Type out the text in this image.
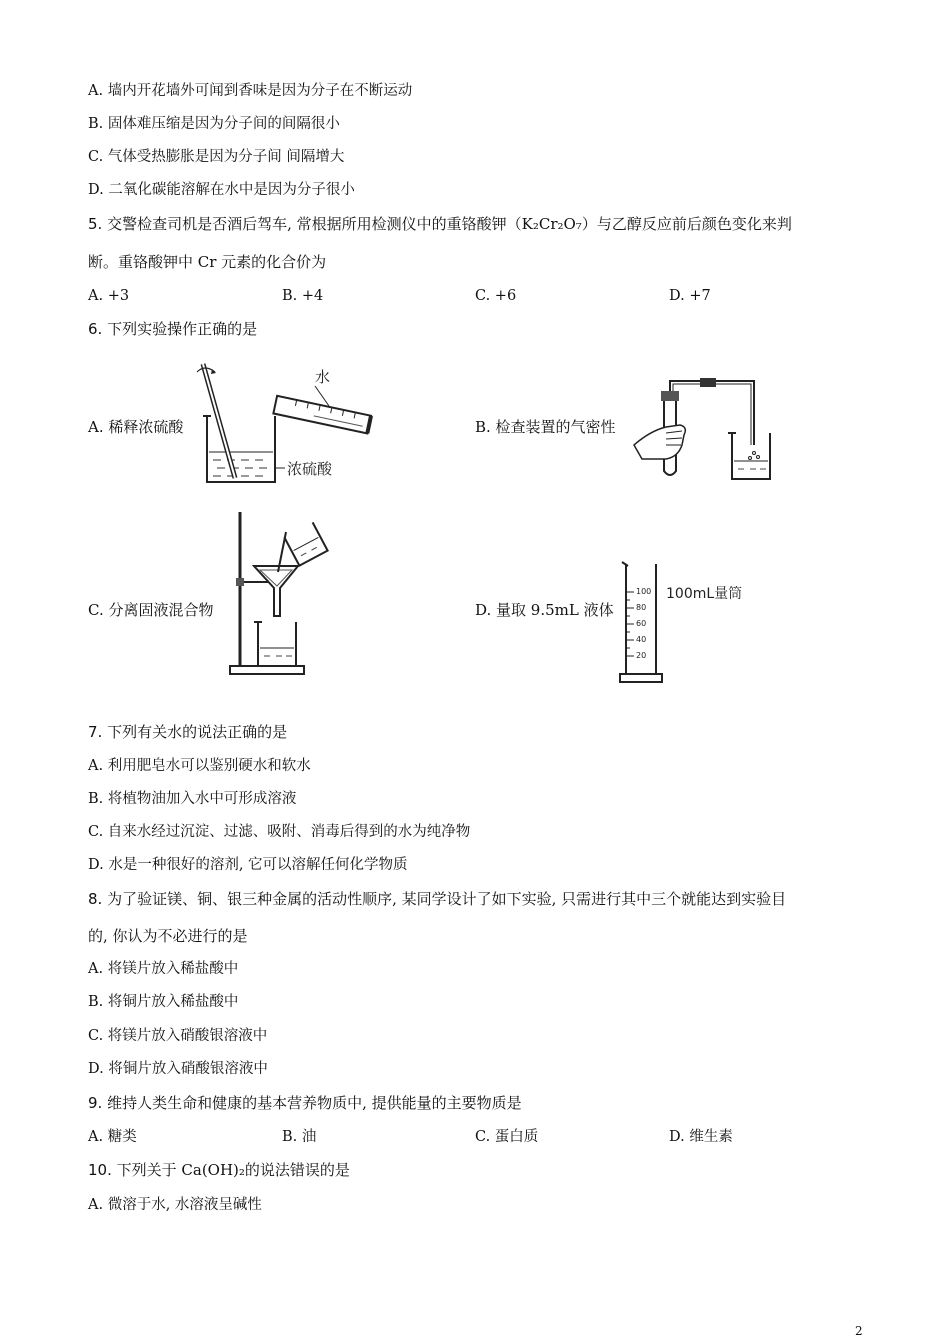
A. 墙内开花墙外可闻到香味是因为分子在不断运动
B. 固体难压缩是因为分子间的间隔很小
C. 气体受热膨胀是因为分子间 间隔增大
D. 二氧化碳能溶解在水中是因为分子很小
5. 交警检查司机是否酒后驾车, 常根据所用检测仪中的重铬酸钾（K₂Cr₂O₇）与乙醇反应前后颜色变化来判
断。重铬酸钾中 Cr 元素的化合价为
A. +3	B. +4	C. +6	D. +7
6. 下列实验操作正确的是
A. 稀释浓硫酸
水
浓硫酸
B. 检查装置的气密性
C. 分离固液混合物	D. 量取 9.5mL 液体
100
80
60
40
20
100mL量筒
7. 下列有关水的说法正确的是
A. 利用肥皂水可以鉴别硬水和软水
B. 将植物油加入水中可形成溶液
C. 自来水经过沉淀、过滤、吸附、消毒后得到的水为纯净物
D. 水是一种很好的溶剂, 它可以溶解任何化学物质
8. 为了验证镁、铜、银三种金属的活动性顺序, 某同学设计了如下实验, 只需进行其中三个就能达到实验目
的, 你认为不必进行的是
A. 将镁片放入稀盐酸中
B. 将铜片放入稀盐酸中
C. 将镁片放入硝酸银溶液中
D. 将铜片放入硝酸银溶液中
9. 维持人类生命和健康的基本营养物质中, 提供能量的主要物质是
A. 糖类	B. 油	C. 蛋白质	D. 维生素
10. 下列关于 Ca(OH)₂的说法错误的是
A. 微溶于水, 水溶液呈碱性
2
